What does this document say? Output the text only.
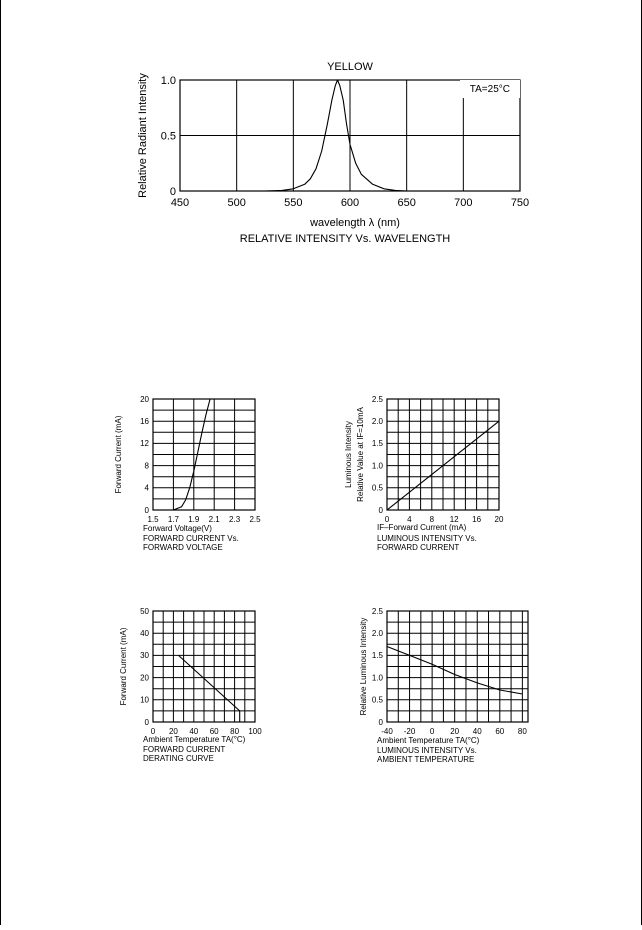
450	500	550	600	650	700	750
0
0.5
1.0
wavelength λ (nm)
Relative Radiant Intensity
YELLOW
RELATIVE INTENSITY Vs. WAVELENGTH
TA=25°C
1.5 1.7 1.9 2.1 2.3 2.5
0
4
8
12
16
20
Forward Voltage(V)
Forward Current (mA)
FORWARD CURRENT Vs.
FORWARD VOLTAGE
0 4 8 12 16 20
0
0.5
1.0
1.5
2.0
2.5
IF–Forward Current (mA)
Luminous Intensity Relative Value at IF=10mA
LUMINOUS INTENSITY Vs.
FORWARD CURRENT
0 20 40 60 80 100
0
10
20
30
40
50
Ambient Temperature TA(°C)
Forward Current (mA)
FORWARD CURRENT
DERATING CURVE
-40 -20 0 20 40 60 80
0
0.5
1.0
1.5
2.0
2.5
Ambient Temperature TA(°C)
Relative Luminous Intensity
LUMINOUS INTENSITY Vs.
AMBIENT TEMPERATURE
